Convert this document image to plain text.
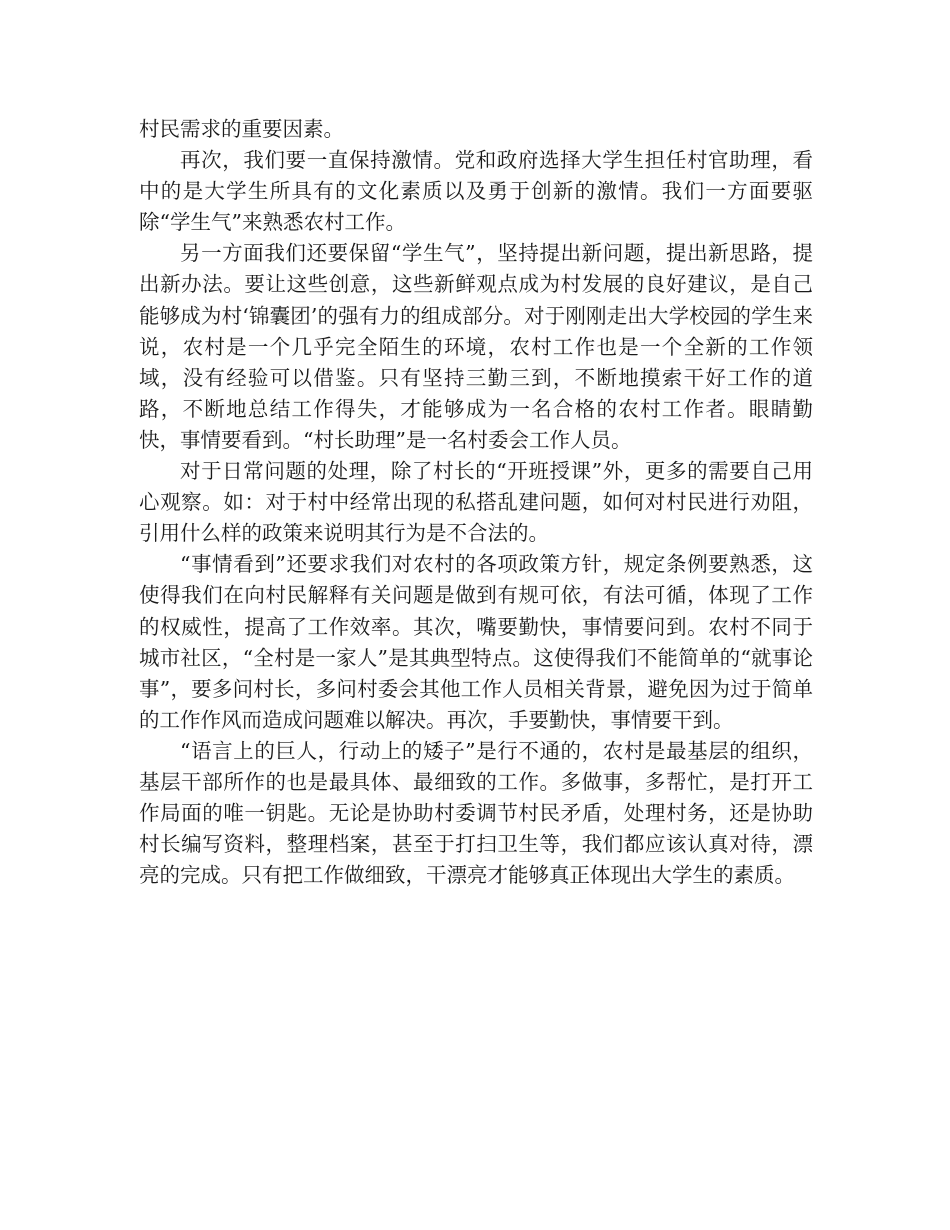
村民需求的重要因素。

再次，我们要一直保持激情。党和政府选择大学生担任村官助理，看中的是大学生所具有的文化素质以及勇于创新的激情。我们一方面要驱除“学生气”来熟悉农村工作。

另一方面我们还要保留“学生气”，坚持提出新问题，提出新思路，提出新办法。要让这些创意，这些新鲜观点成为村发展的良好建议，是自己能够成为村‘锦囊团’的强有力的组成部分。对于刚刚走出大学校园的学生来说，农村是一个几乎完全陌生的环境，农村工作也是一个全新的工作领域，没有经验可以借鉴。只有坚持三勤三到，不断地摸索干好工作的道路，不断地总结工作得失，才能够成为一名合格的农村工作者。眼睛勤快，事情要看到。“村长助理”是一名村委会工作人员。

对于日常问题的处理，除了村长的“开班授课”外，更多的需要自己用心观察。如：对于村中经常出现的私搭乱建问题，如何对村民进行劝阻，引用什么样的政策来说明其行为是不合法的。

“事情看到”还要求我们对农村的各项政策方针，规定条例要熟悉，这使得我们在向村民解释有关问题是做到有规可依，有法可循，体现了工作的权威性，提高了工作效率。其次，嘴要勤快，事情要问到。农村不同于城市社区，“全村是一家人”是其典型特点。这使得我们不能简单的“就事论事”，要多问村长，多问村委会其他工作人员相关背景，避免因为过于简单的工作作风而造成问题难以解决。再次，手要勤快，事情要干到。

“语言上的巨人，行动上的矮子”是行不通的，农村是最基层的组织，基层干部所作的也是最具体、最细致的工作。多做事，多帮忙，是打开工作局面的唯一钥匙。无论是协助村委调节村民矛盾，处理村务，还是协助村长编写资料，整理档案，甚至于打扫卫生等，我们都应该认真对待，漂亮的完成。只有把工作做细致，干漂亮才能够真正体现出大学生的素质。
